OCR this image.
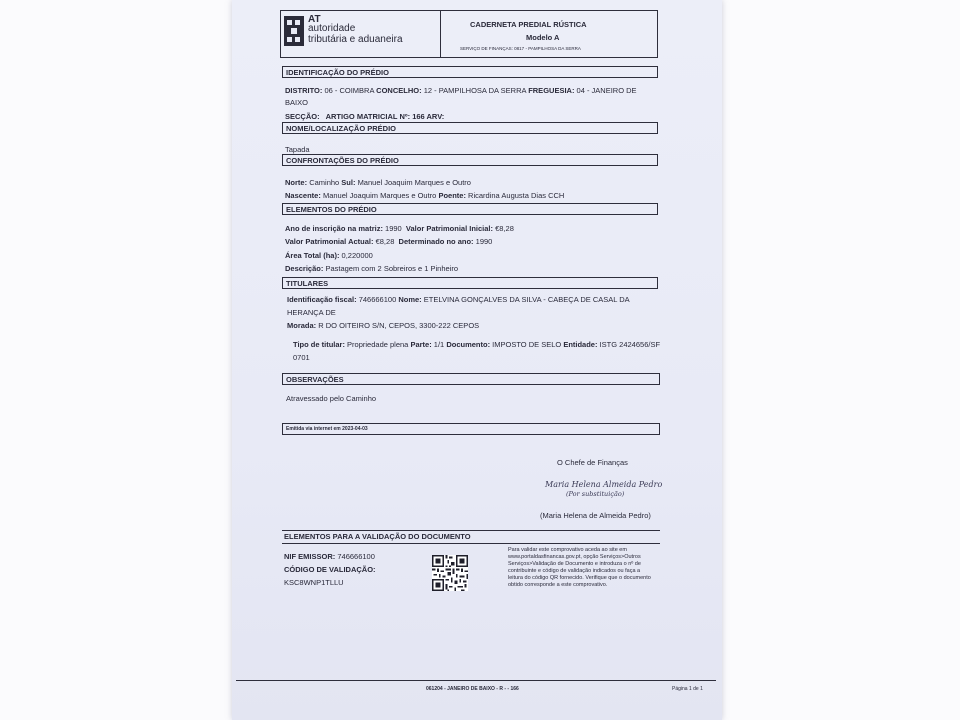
AT
autoridade
tributária e aduaneira
CADERNETA PREDIAL RÚSTICA
Modelo A
SERVIÇO DE FINANÇAS: 0817 - PAMPILHOSA DA SERRA
IDENTIFICAÇÃO DO PRÉDIO
DISTRITO: 06 - COIMBRA CONCELHO: 12 - PAMPILHOSA DA SERRA FREGUESIA: 04 - JANEIRO DE
BAIXO
SECÇÃO: ARTIGO MATRICIAL Nº: 166 ARV:
NOME/LOCALIZAÇÃO PRÉDIO
Tapada
CONFRONTAÇÕES DO PRÉDIO
Norte: Caminho Sul: Manuel Joaquim Marques e Outro
Nascente: Manuel Joaquim Marques e Outro Poente: Ricardina Augusta Dias CCH
ELEMENTOS DO PRÉDIO
Ano de inscrição na matriz: 1990 Valor Patrimonial Inicial: €8,28
Valor Patrimonial Actual: €8,28 Determinado no ano: 1990
Área Total (ha): 0,220000
Descrição: Pastagem com 2 Sobreiros e 1 Pinheiro
TITULARES
Identificação fiscal: 746666100 Nome: ETELVINA GONÇALVES DA SILVA - CABEÇA DE CASAL DA
HERANÇA DE
Morada: R DO OITEIRO S/N, CEPOS, 3300-222 CEPOS
Tipo de titular: Propriedade plena Parte: 1/1 Documento: IMPOSTO DE SELO Entidade: ISTG 2424656/SF
0701
OBSERVAÇÕES
Atravessado pelo Caminho
Emitida via internet em 2023-04-03
O Chefe de Finanças
Maria Helena Almeida Pedro
(Por substituição)
(Maria Helena de Almeida Pedro)
ELEMENTOS PARA A VALIDAÇÃO DO DOCUMENTO
NIF EMISSOR: 746666100
CÓDIGO DE VALIDAÇÃO:
KSC8WNP1TLLU
Para validar este comprovativo aceda ao site em
www.portaldasfinancas.gov.pt, opção Serviços>Outros
Serviços>Validação de Documento e introduza o nº de
contribuinte e código de validação indicados ou faça a
leitura do código QR fornecido. Verifique que o documento
obtido corresponde a este comprovativo.
061204 - JANEIRO DE BAIXO - R - - 166	Página 1 de 1
